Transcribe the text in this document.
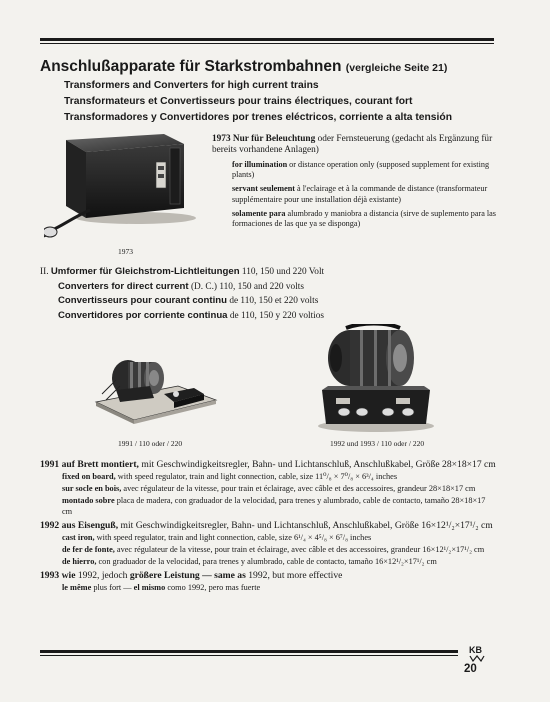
Anschlußapparate für Starkstrombahnen (vergleiche Seite 21)
Transformers and Converters for high current trains
Transformateurs et Convertisseurs pour trains électriques, courant fort
Transformadores y Convertidores por trenes eléctricos, corriente a alta tensión
1973

1973 Nur für Beleuchtung oder Fernsteuerung (gedacht als Ergänzung für bereits vorhandene Anlagen)

for illumination or distance operation only (supposed supplement for existing plants)

servant seulement à l'eclairage et à la commande de distance (transformateur supplémentaire pour une installation déjà existante)

solamente para alumbrado y maniobra a distancia (sirve de suplemento para las formaciones de las que ya se disponga)

II. Umformer für Gleichstrom-Lichtleitungen 110, 150 und 220 Volt
Converters for direct current (D. C.) 110, 150 and 220 volts
Convertisseurs pour courant continu de 110, 150 et 220 volts
Convertidores por corriente continua de 110, 150 y 220 voltios
1991 / 110 oder / 220	1992 und 1993 / 110 oder / 220

1991 auf Brett montiert, mit Geschwindigkeitsregler, Bahn- und Lichtanschluß, Anschlußkabel, Größe 28×18×17 cm

fixed on board, with speed regulator, train and light connection, cable, size 11⁰/₈ × 7⁰/₈ × 6³/₄ inches

sur socle en bois, avec régulateur de la vitesse, pour train et éclairage, avec câble et des accessoires, grandeur 28×18×17 cm

montado sobre placa de madera, con graduador de la velocidad, para trenes y alumbrado, cable de contacto, tamaño 28×18×17 cm

1992 aus Eisenguß, mit Geschwindigkeitsregler, Bahn- und Lichtanschluß, Anschlußkabel, Größe 16×12¹/₂×17¹/₂ cm

cast iron, with speed regulator, train and light connection, cable, size 6¹/₄ × 4⁵/₈ × 6⁷/₈ inches

de fer de fonte, avec régulateur de la vitesse, pour train et éclairage, avec câble et des accessoires, grandeur 16×12¹/₂×17¹/₂ cm

de hierro, con graduador de la velocidad, para trenes y alumbrado, cable de contacto, tamaño 16×12¹/₂×17¹/₂ cm

1993 wie 1992, jedoch größere Leistung — same as 1992, but more effective

le même plus fort — el mismo como 1992, pero mas fuerte

KB
20
